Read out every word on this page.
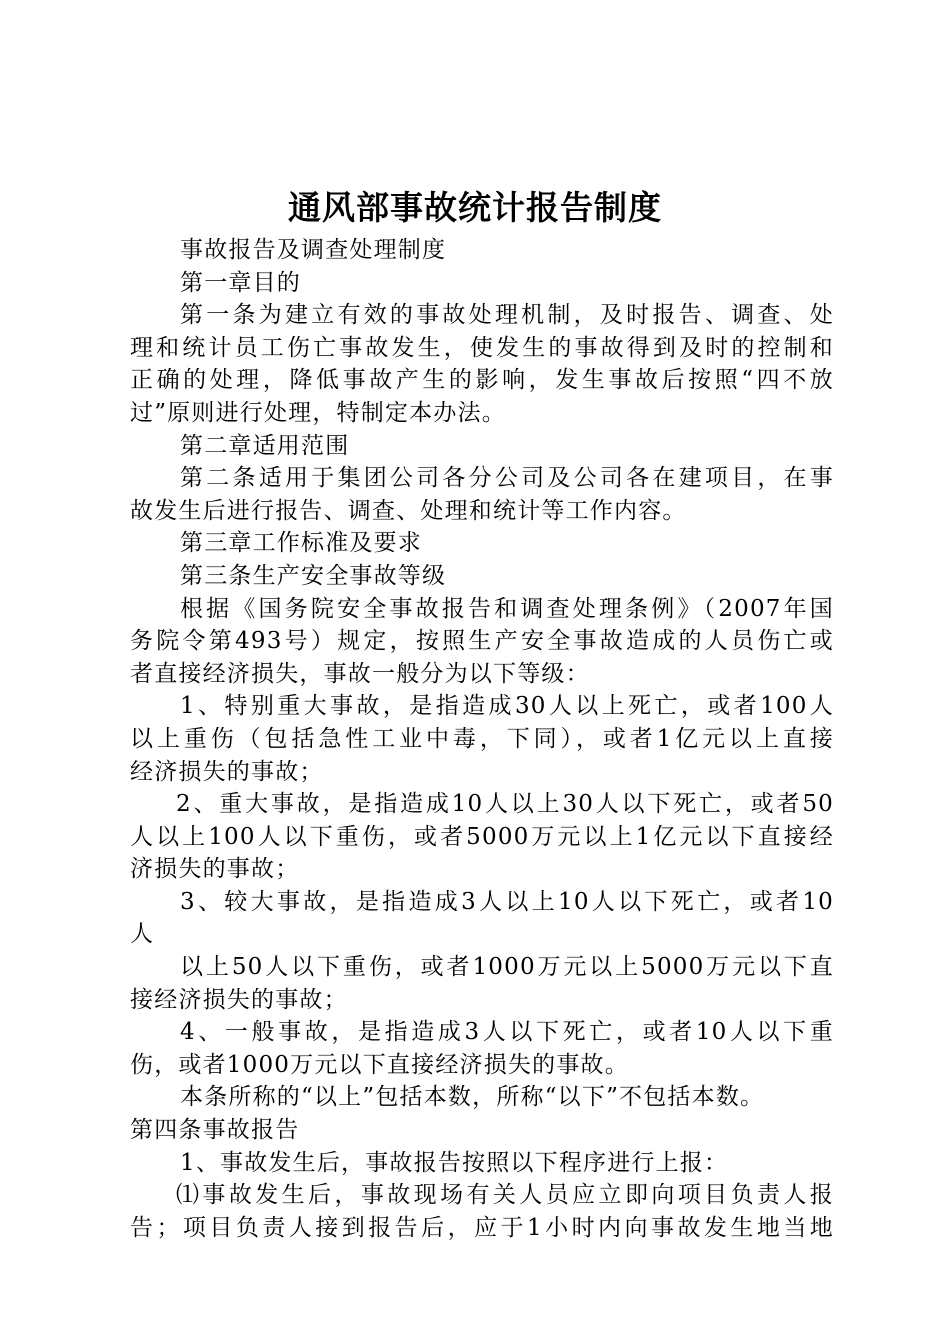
通风部事故统计报告制度
事故报告及调查处理制度
第一章目的
第一条为建立有效的事故处理机制，及时报告、调查、处
理和统计员工伤亡事故发生，使发生的事故得到及时的控制和
正确的处理，降低事故产生的影响，发生事故后按照“四不放
过”原则进行处理，特制定本办法。
第二章适用范围
第二条适用于集团公司各分公司及公司各在建项目，在事
故发生后进行报告、调查、处理和统计等工作内容。
第三章工作标准及要求
第三条生产安全事故等级
根据《国务院安全事故报告和调查处理条例》（2007年国
务院令第493号）规定，按照生产安全事故造成的人员伤亡或
者直接经济损失，事故一般分为以下等级：
1、特别重大事故，是指造成30人以上死亡，或者100人
以上重伤（包括急性工业中毒，下同），或者1亿元以上直接
经济损失的事故；
2、重大事故，是指造成10人以上30人以下死亡，或者50
人以上100人以下重伤，或者5000万元以上1亿元以下直接经
济损失的事故；
3、较大事故，是指造成3人以上10人以下死亡，或者10
人
以上50人以下重伤，或者1000万元以上5000万元以下直
接经济损失的事故；
4、一般事故，是指造成3人以下死亡，或者10人以下重
伤，或者1000万元以下直接经济损失的事故。
本条所称的“以上”包括本数，所称“以下”不包括本数。
第四条事故报告
1、事故发生后，事故报告按照以下程序进行上报：
⑴事故发生后，事故现场有关人员应立即向项目负责人报
告；项目负责人接到报告后，应于1小时内向事故发生地当地
